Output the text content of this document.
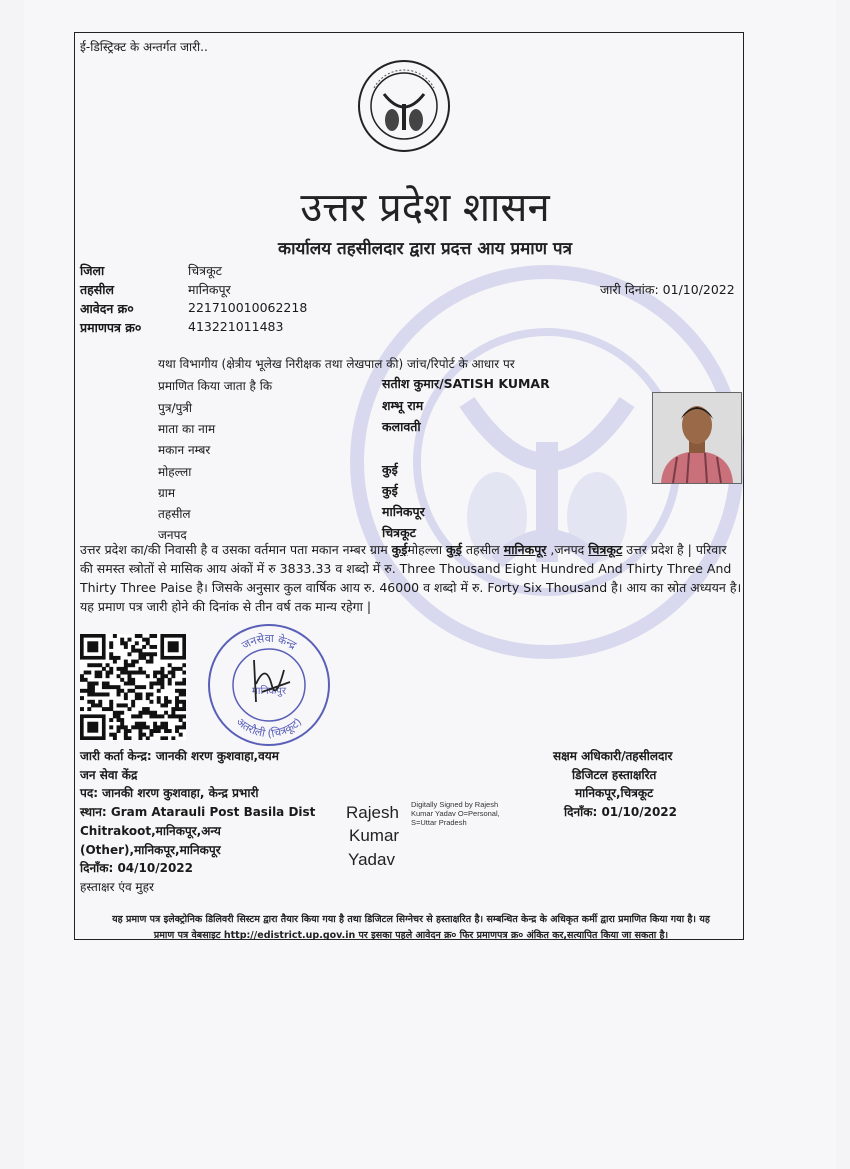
ई-डिस्ट्रिक्ट के अन्तर्गत जारी..
उत्तर प्रदेश शासन
कार्यालय तहसीलदार द्वारा प्रदत्त आय प्रमाण पत्र
जिला	चित्रकूट
तहसील	मानिकपूर
आवेदन क्र०	221710010062218
प्रमाणपत्र क्र०	413221011483
जारी दिनांक: 01/10/2022
यथा विभागीय (क्षेत्रीय भूलेख निरीक्षक तथा लेखपाल की) जांच/रिपोर्ट के आधार पर
प्रमाणित किया जाता है कि	सतीश कुमार/SATISH KUMAR
पुत्र/पुत्री	शम्भू राम
माता का नाम	कलावती
मकान नम्बर
मोहल्ला	कुई
ग्राम	कुई
तहसील	मानिकपूर
जनपद	चित्रकूट
उत्तर प्रदेश का/की निवासी है व उसका वर्तमान पता मकान नम्बर ग्राम कुईमोहल्ला कुई तहसील मानिकपूर ,जनपद चित्रकूट उत्तर प्रदेश है | परिवार की समस्त स्त्रोतों से मासिक आय अंकों में रु 3833.33 व शब्दो में रु. Three Thousand Eight Hundred And Thirty Three And Thirty Three Paise है। जिसके अनुसार कुल वार्षिक आय रु. 46000 व शब्दो में रु. Forty Six Thousand है। आय का स्रोत अध्ययन है। यह प्रमाण पत्र जारी होने की दिनांक से तीन वर्ष तक मान्य रहेगा |
जनसेवा केन्द्र
अतरौली (चित्रकूट)
मानिकपुर
जारी कर्ता केन्द्र: जानकी शरण कुशवाहा,वयम
जन सेवा केंद्र
पद: जानकी शरण कुशवाहा, केन्द्र प्रभारी
स्थान: Gram Atarauli Post Basila Dist
Chitrakoot,मानिकपूर,अन्य
(Other),मानिकपूर,मानिकपूर
दिनाँक: 04/10/2022
हस्ताक्षर एंव मुहर
Rajesh
Kumar
Yadav
Digitally Signed by Rajesh
Kumar Yadav O=Personal,
S=Uttar Pradesh
सक्षम अधिकारी/तहसीलदार
डिजिटल हस्ताक्षरित
मानिकपूर,चित्रकूट
दिनाँक: 01/10/2022
यह प्रमाण पत्र इलेक्ट्रोनिक डिलिवरी सिस्टम द्वारा तैयार किया गया है तथा डिजिटल सिग्नेचर से हस्ताक्षरित है। सम्बन्धित केन्द्र के अधिकृत कर्मी द्वारा प्रमाणित किया गया है। यह
प्रमाण पत्र वेबसाइट http://edistrict.up.gov.in पर इसका पहले आवेदन क्र० फिर प्रमाणपत्र क्र० अंकित कर,सत्यापित किया जा सकता है।
